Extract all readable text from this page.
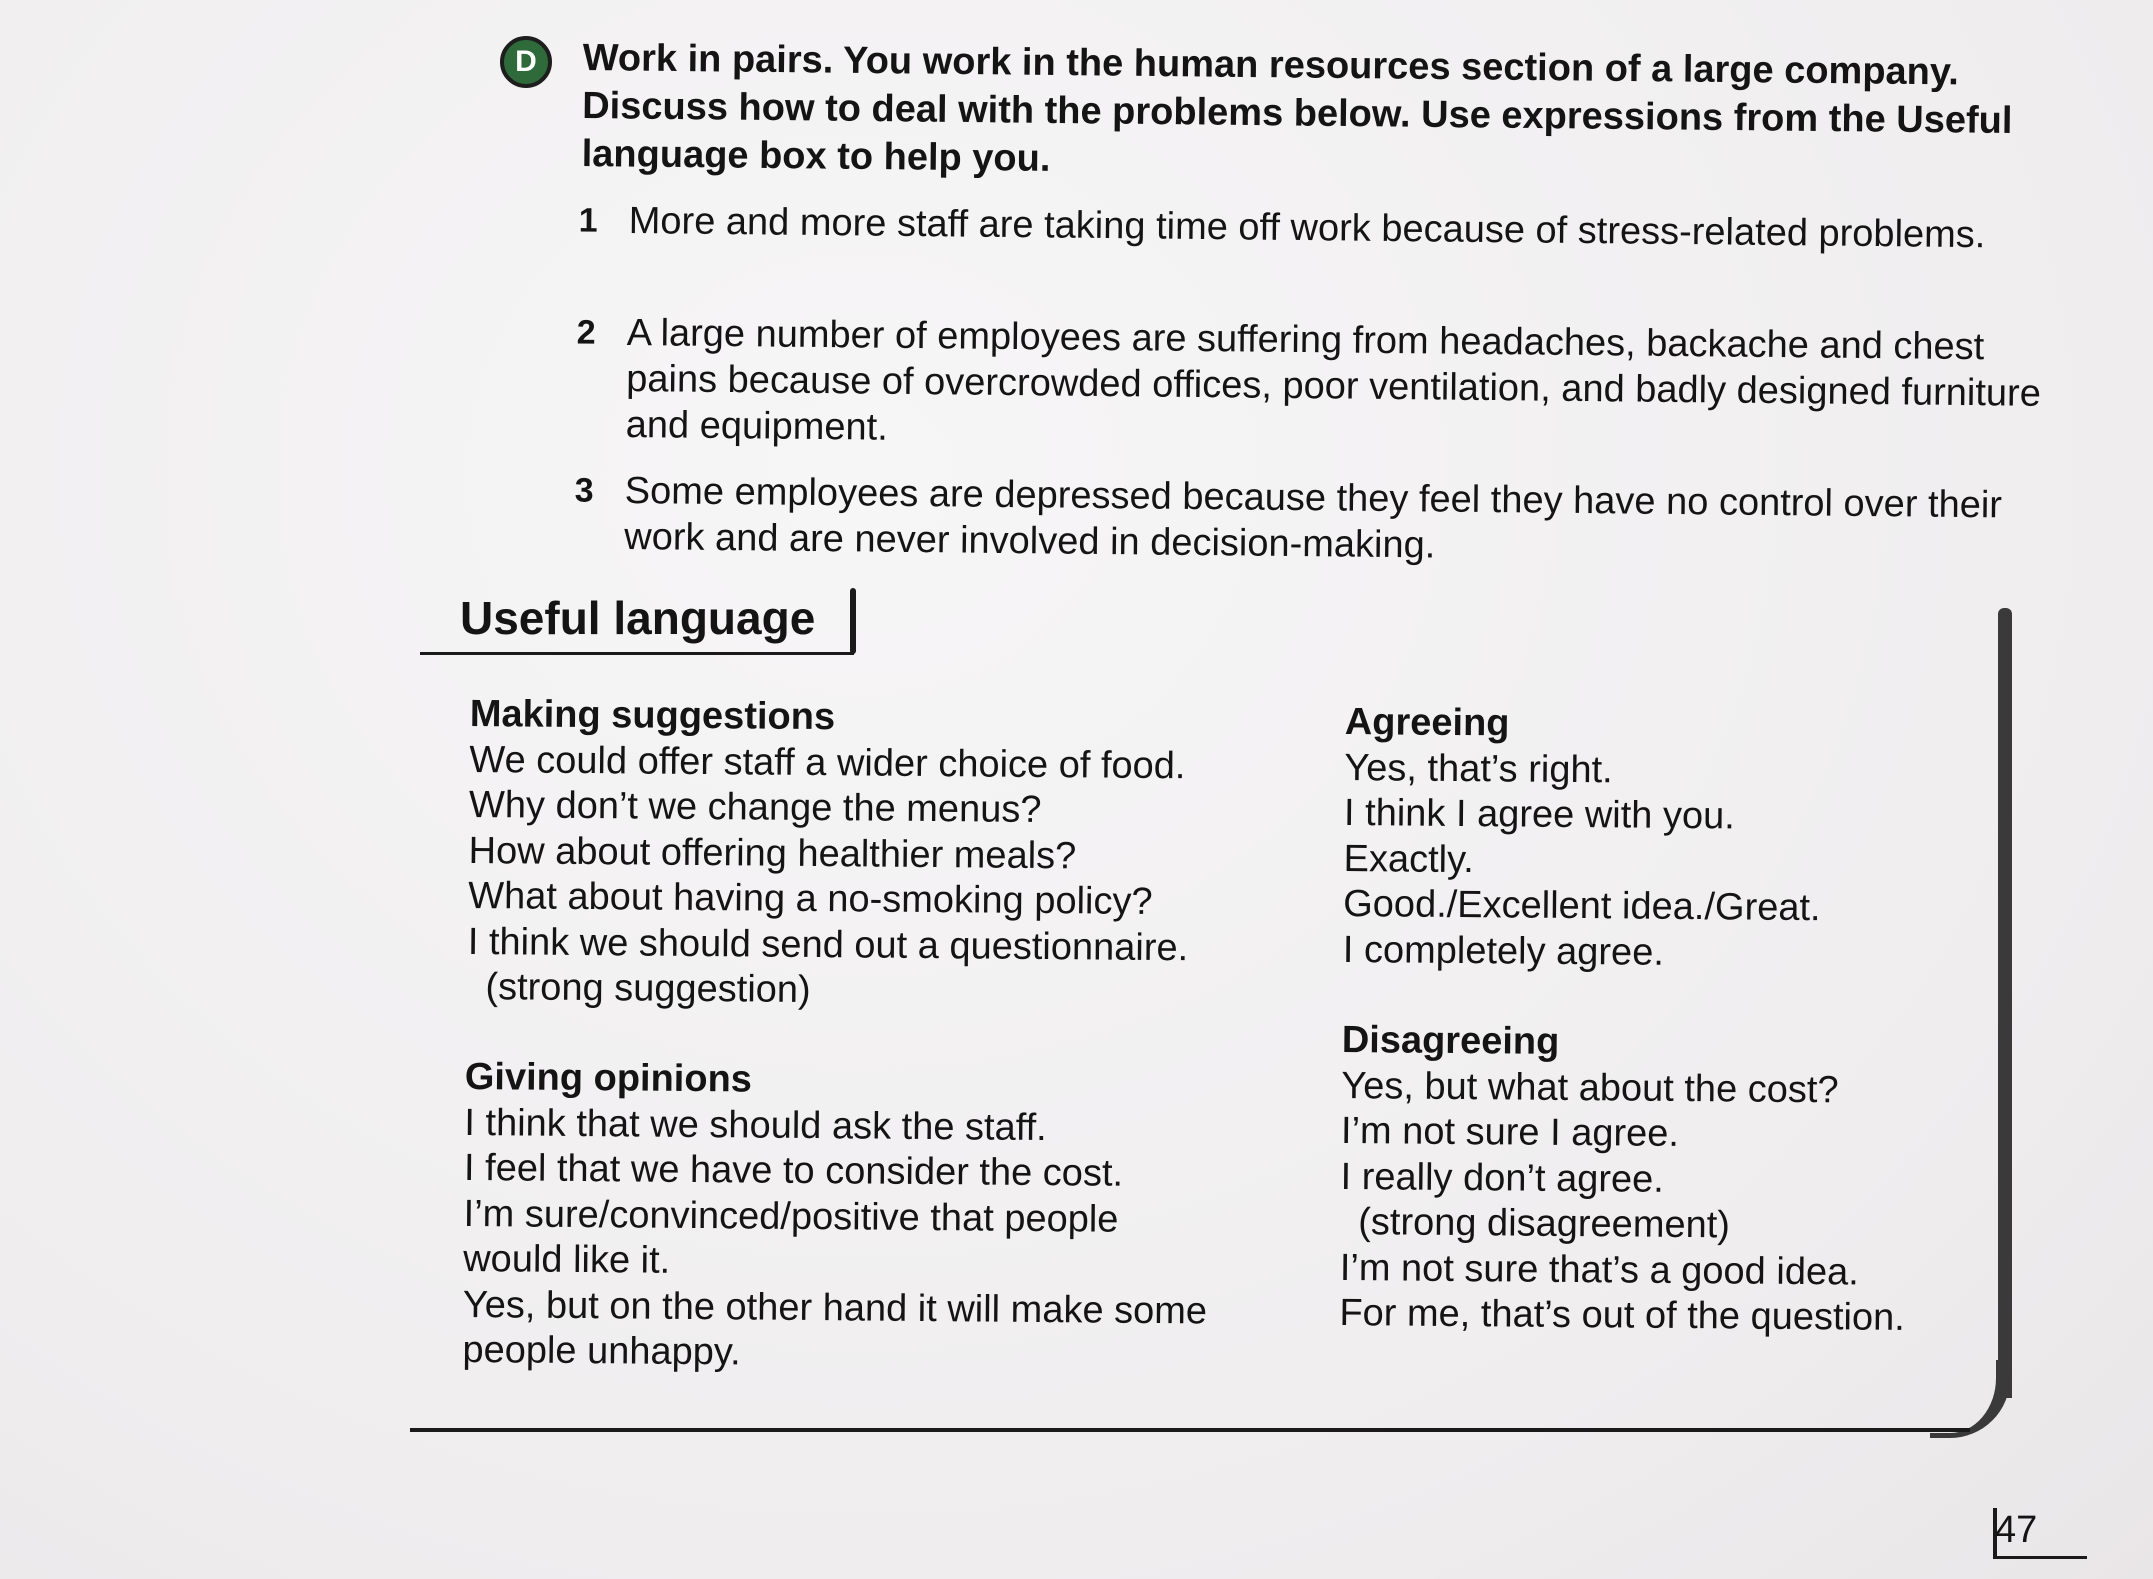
D	Work in pairs. You work in the human resources section of a large company. Discuss how to deal with the problems below. Use expressions from the Useful language box to help you.
1 More and more staff are taking time off work because of stress-related problems.
2 A large number of employees are suffering from headaches, backache and chest pains because of overcrowded offices, poor ventilation, and badly designed furniture and equipment.
3 Some employees are depressed because they feel they have no control over their work and are never involved in decision-making.
Useful language
Making suggestions
We could offer staff a wider choice of food.
Why don’t we change the menus?
How about offering healthier meals?
What about having a no-smoking policy?
I think we should send out a questionnaire.
(strong suggestion)
Giving opinions
I think that we should ask the staff.
I feel that we have to consider the cost.
I’m sure/convinced/positive that people
would like it.
Yes, but on the other hand it will make some
people unhappy.
Agreeing
Yes, that’s right.
I think I agree with you.
Exactly.
Good./Excellent idea./Great.
I completely agree.
Disagreeing
Yes, but what about the cost?
I’m not sure I agree.
I really don’t agree.
(strong disagreement)
I’m not sure that’s a good idea.
For me, that’s out of the question.
47
